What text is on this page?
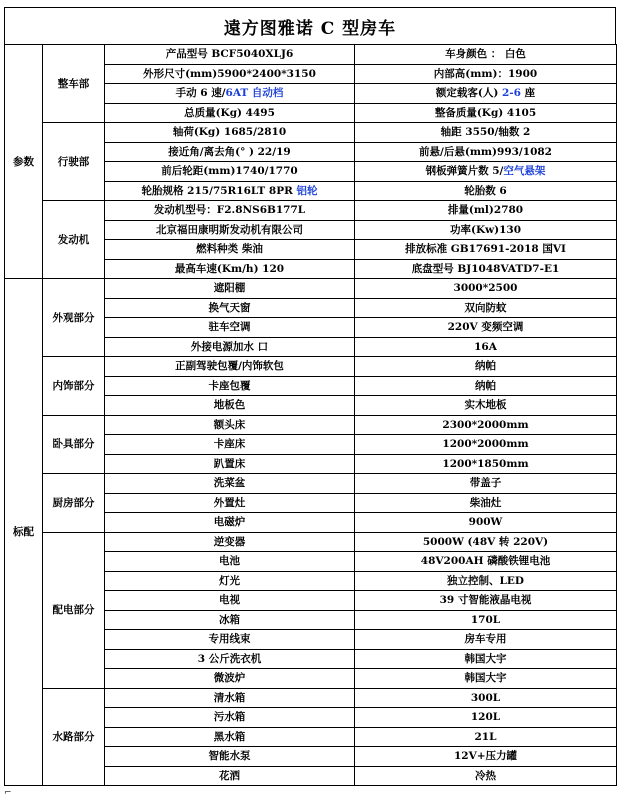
遠方图雅诺 C 型房车
参数	整车部	产品型号 BCF5040XLJ6	车身颜色 ： 白色
		外形尺寸(mm)5900*2400*3150	内部高(mm)：1900
		手动 6 速/6AT 自动档	额定载客(人) 2-6 座
		总质量(Kg) 4495	整备质量(Kg) 4105
	行驶部	轴荷(Kg) 1685/2810	轴距 3550/轴数 2
		接近角/离去角(° ) 22/19	前悬/后悬(mm)993/1082
		前后轮距(mm)1740/1770	钢板弹簧片数 5/空气悬架
		轮胎规格 215/75R16LT 8PR 铝轮	轮胎数 6
	发动机	发动机型号：F2.8NS6B177L	排量(ml)2780
		北京福田康明斯发动机有限公司	功率(Kw)130
		燃料种类 柴油	排放标准 GB17691-2018 国VI
		最高车速(Km/h) 120	底盘型号 BJ1048VATD7-E1
标配	外观部分	遮阳棚	3000*2500
		换气天窗	双向防蚊
		驻车空调	220V 变频空调
		外接电源加水 口	16A
	内饰部分	正副驾驶包覆/内饰软包	纳帕
		卡座包覆	纳帕
		地板色	实木地板
	卧具部分	额头床	2300*2000mm
		卡座床	1200*2000mm
		趴置床	1200*1850mm
	厨房部分	洗菜盆	带盖子
		外置灶	柴油灶
		电磁炉	900W
	配电部分	逆变器	5000W (48V 转 220V)
		电池	48V200AH 磷酸铁锂电池
		灯光	独立控制、LED
		电视	39 寸智能液晶电视
		冰箱	170L
		专用线束	房车专用
		3 公斤洗衣机	韩国大宇
		微波炉	韩国大宇
	水路部分	清水箱	300L
		污水箱	120L
		黑水箱	21L
		智能水泵	12V+压力罐
		花洒	冷热
⌐
